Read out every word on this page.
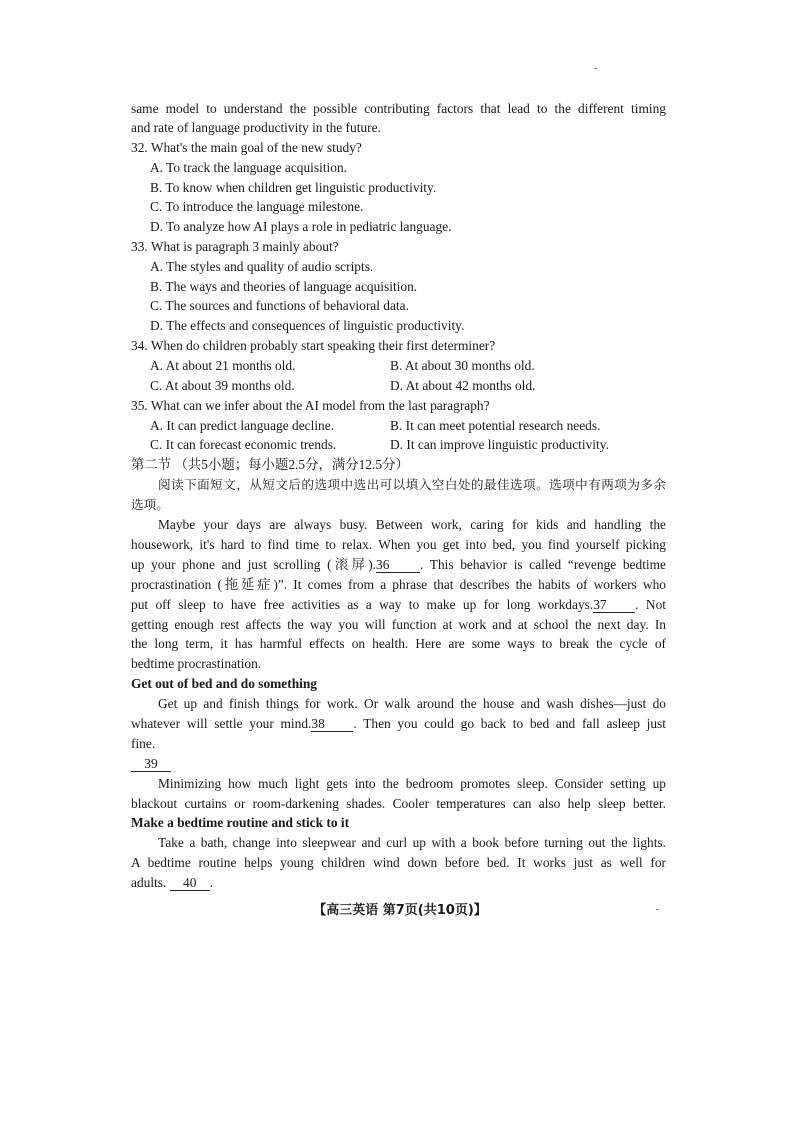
same model to understand the possible contributing factors that lead to the different timing
and rate of language productivity in the future.
32. What's the main goal of the new study?
A. To track the language acquisition.
B. To know when children get linguistic productivity.
C. To introduce the language milestone.
D. To analyze how AI plays a role in pediatric language.
33. What is paragraph 3 mainly about?
A. The styles and quality of audio scripts.
B. The ways and theories of language acquisition.
C. The sources and functions of behavioral data.
D. The effects and consequences of linguistic productivity.
34. When do children probably start speaking their first determiner?
A. At about 21 months old.	B. At about 30 months old.
C. At about 39 months old.	D. At about 42 months old.
35. What can we infer about the AI model from the last paragraph?
A. It can predict language decline.	B. It can meet potential research needs.
C. It can forecast economic trends.	D. It can improve linguistic productivity.
第二节 （共5小题；每小题2.5分，满分12.5分）
阅读下面短文，从短文后的选项中选出可以填入空白处的最佳选项。选项中有两项为多余
选项。
Maybe your days are always busy. Between work, caring for kids and handling the
housework, it's hard to find time to relax. When you get into bed, you find yourself picking
up your phone and just scrolling (滚屏).36 . This behavior is called “revenge bedtime
procrastination (拖延症)”. It comes from a phrase that describes the habits of workers who
put off sleep to have free activities as a way to make up for long workdays.37 . Not
getting enough rest affects the way you will function at work and at school the next day. In
the long term, it has harmful effects on health. Here are some ways to break the cycle of
bedtime procrastination.
Get out of bed and do something
Get up and finish things for work. Or walk around the house and wash dishes—just do
whatever will settle your mind.38 . Then you could go back to bed and fall asleep just
fine.
39
Minimizing how much light gets into the bedroom promotes sleep. Consider setting up
blackout curtains or room-darkening shades. Cooler temperatures can also help sleep better.
Make a bedtime routine and stick to it
Take a bath, change into sleepwear and curl up with a book before turning out the lights.
A bedtime routine helps young children wind down before bed. It works just as well for
adults. 40 .
【高三英语 第7页(共10页)】
